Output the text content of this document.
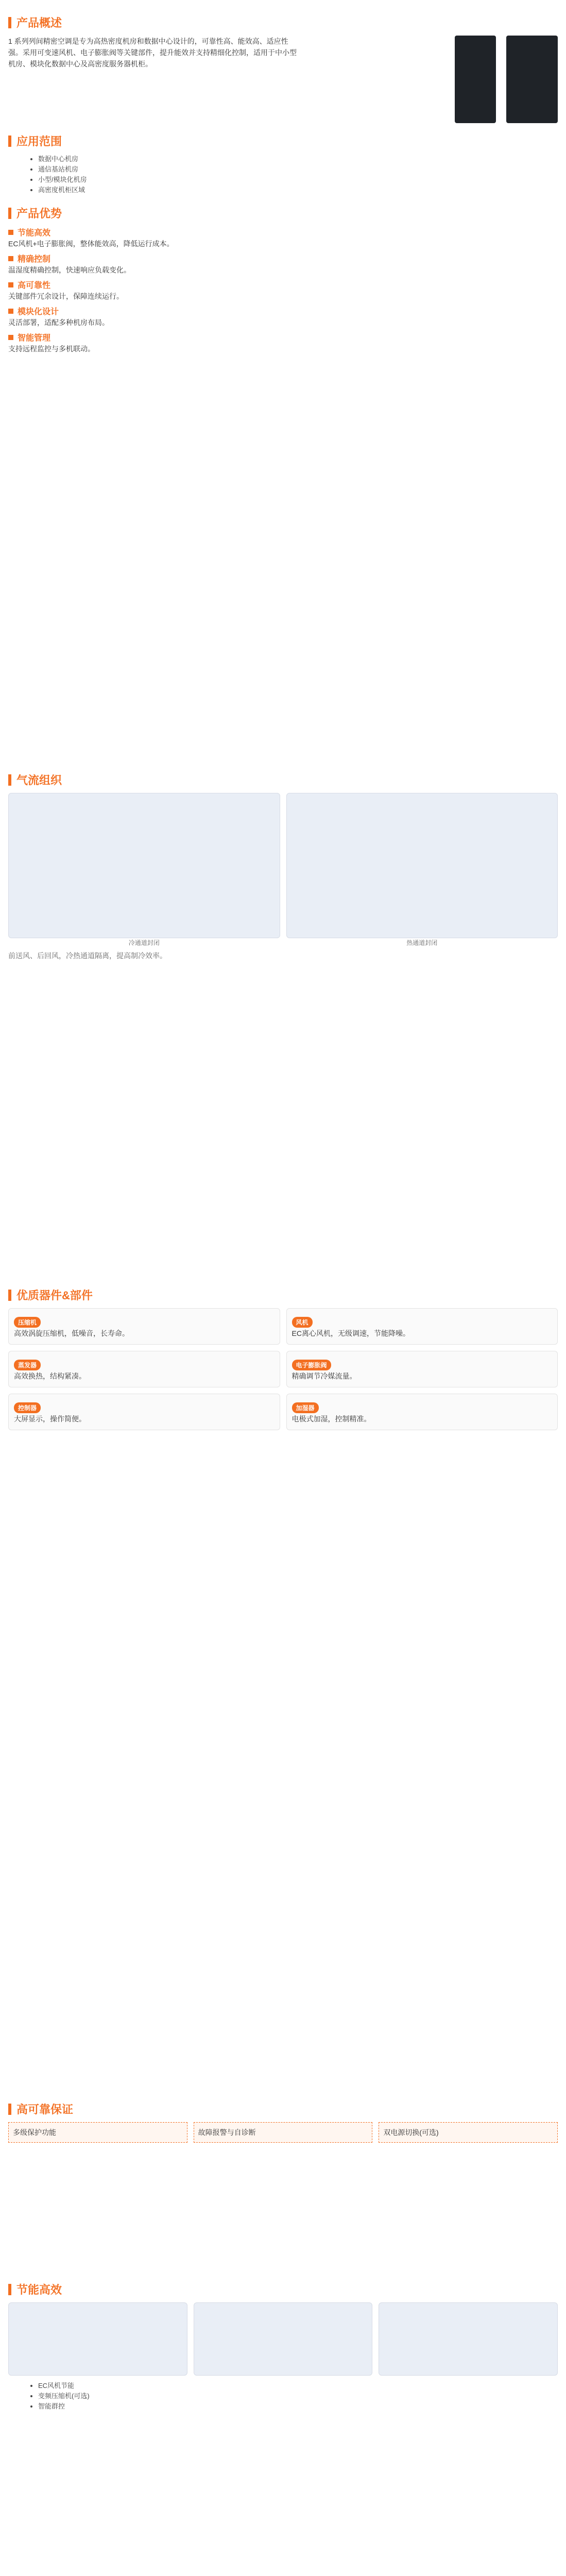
产品概述
1 系列列间精密空调是专为高热密度机房和数据中心设计的，可靠性高、能效高、适应性强。采用可变速风机、电子膨胀阀等关键部件，提升能效并支持精细化控制，适用于中小型机房、模块化数据中心及高密度服务器机柜。
应用范围
• 数据中心机房
• 通信基站机房
• 小型/模块化机房
• 高密度机柜区域
产品优势
节能高效
EC风机+电子膨胀阀，整体能效高，降低运行成本。
精确控制
温湿度精确控制，快速响应负载变化。
高可靠性
关键部件冗余设计，保障连续运行。
模块化设计
灵活部署，适配多种机房布局。
智能管理
支持远程监控与多机联动。
气流组织
冷通道封闭	热通道封闭
前送风、后回风，冷热通道隔离，提高制冷效率。
优质器件&部件
压缩机
高效涡旋压缩机，低噪音，长寿命。
风机
EC离心风机，无级调速，节能降噪。
蒸发器
高效换热，结构紧凑。
电子膨胀阀
精确调节冷媒流量。
控制器
大屏显示，操作简便。
加湿器
电极式加湿，控制精准。
高可靠保证
多级保护功能	故障报警与自诊断	双电源切换(可选)
节能高效
• EC风机节能
• 变频压缩机(可选)
• 智能群控
